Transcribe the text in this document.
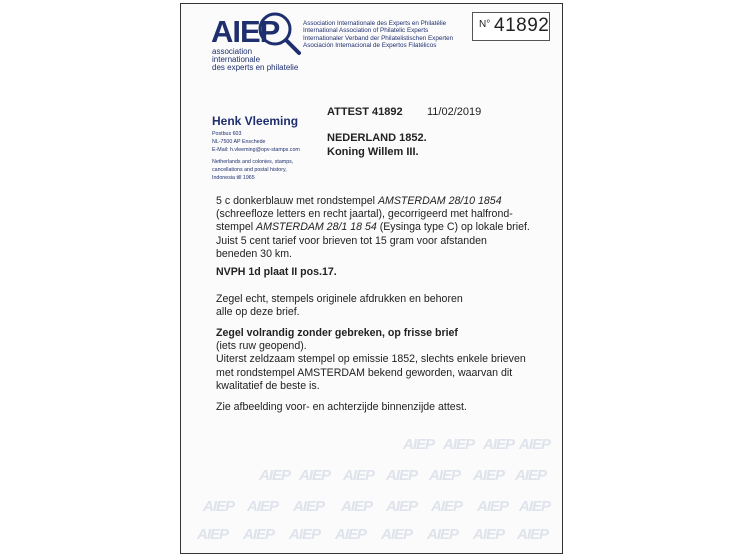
AIEP AIEP AIEP AIEP
AIEP AIEP AIEP AIEP AIEP AIEP AIEP
AIEP AIEP AIEP AIEP AIEP AIEP AIEP AIEP
AIEP AIEP AIEP AIEP AIEP AIEP AIEP AIEP
AIEP
association
internationale
des experts en philatelie
Association Internationale des Experts en Philatélie
International Association of Philatelic Experts
Internationaler Verband der Philatelistischen Experten
Asociación Internacional de Expertos Filatélicos
N° 41892
Henk Vleeming
Postbus 603
NL-7500 AP Enschede
E-Mail: h.vleeming@opv-stamps.com
Netherlands and colonies, stamps,
cancellations and postal history,
Indonesia till 1965
ATTEST 41892 11/02/2019
NEDERLAND 1852.
Koning Willem III.
5 c donkerblauw met rondstempel AMSTERDAM 28/10 1854
(schreefloze letters en recht jaartal), gecorrigeerd met halfrond-
stempel AMSTERDAM 28/1 18 54 (Eysinga type C) op lokale brief.
Juist 5 cent tarief voor brieven tot 15 gram voor afstanden
beneden 30 km.
NVPH 1d plaat II pos.17.
Zegel echt, stempels originele afdrukken en behoren
alle op deze brief.
Zegel volrandig zonder gebreken, op frisse brief
(iets ruw geopend).
Uiterst zeldzaam stempel op emissie 1852, slechts enkele brieven
met rondstempel AMSTERDAM bekend geworden, waarvan dit
kwalitatief de beste is.
Zie afbeelding voor- en achterzijde binnenzijde attest.
